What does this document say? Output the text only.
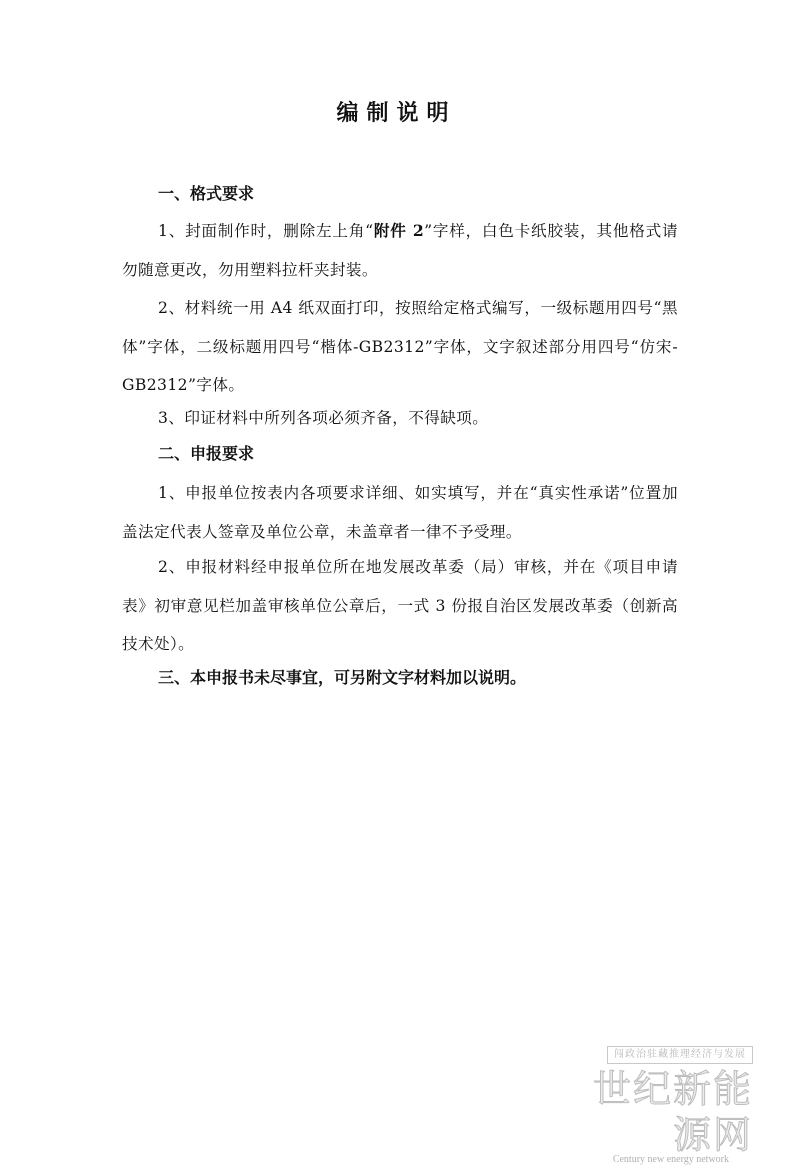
编制说明
一、格式要求
1、封面制作时，删除左上角“附件 2”字样，白色卡纸胶装，其他格式请勿随意更改，勿用塑料拉杆夹封装。
2、材料统一用 A4 纸双面打印，按照给定格式编写，一级标题用四号“黑体”字体，二级标题用四号“楷体-GB2312”字体，文字叙述部分用四号“仿宋-GB2312”字体。
3、印证材料中所列各项必须齐备，不得缺项。
二、申报要求
1、申报单位按表内各项要求详细、如实填写，并在“真实性承诺”位置加盖法定代表人签章及单位公章，未盖章者一律不予受理。
2、申报材料经申报单位所在地发展改革委（局）审核，并在《项目申请表》初审意见栏加盖审核单位公章后，一式 3 份报自治区发展改革委（创新高技术处）。
三、本申报书未尽事宜，可另附文字材料加以说明。
闯政治驻藏推理经济与发展
世纪新能源网
Century new energy network
